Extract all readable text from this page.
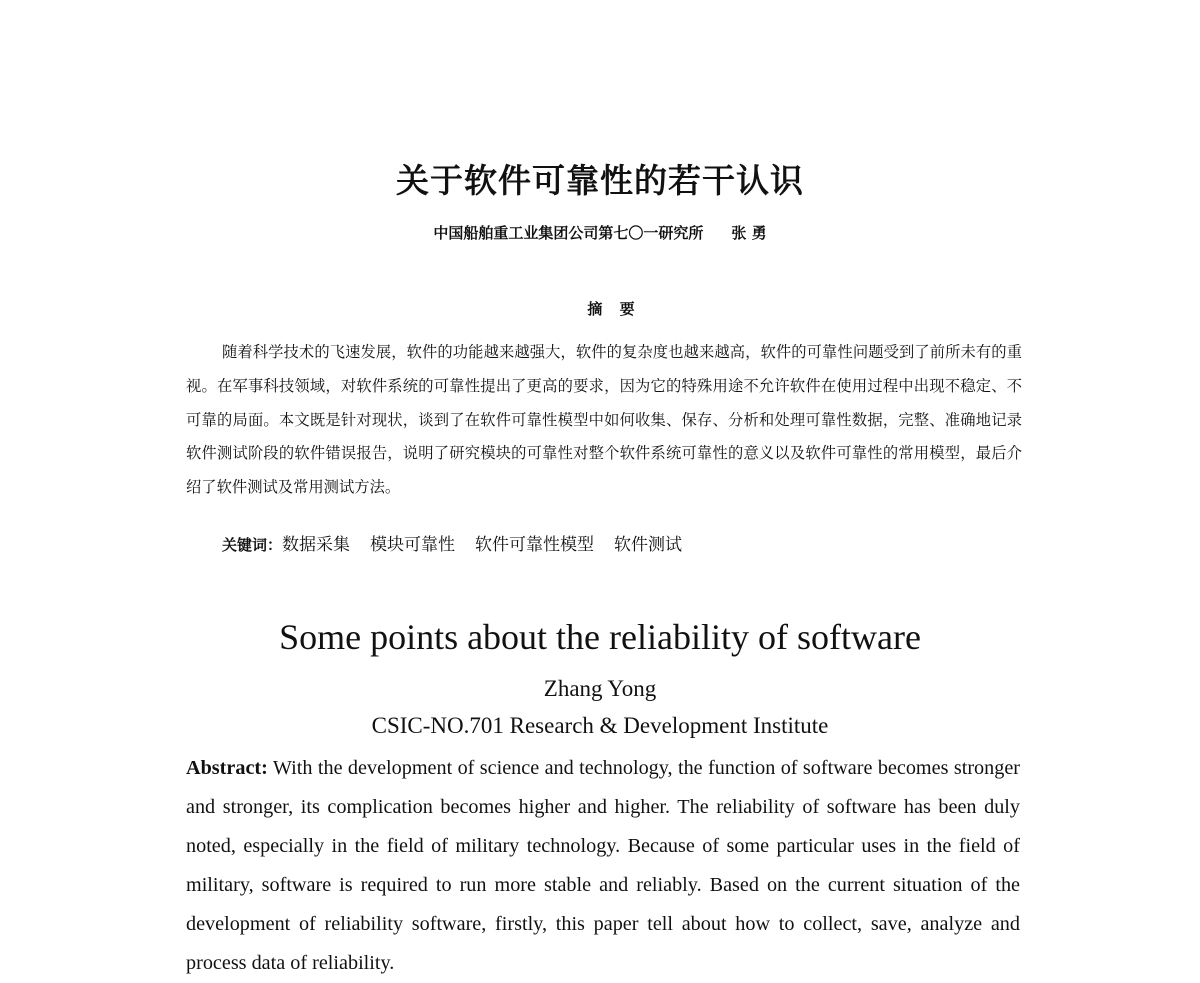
关于软件可靠性的若干认识
中国船舶重工业集团公司第七〇一研究所 张 勇
摘 要

随着科学技术的飞速发展，软件的功能越来越强大，软件的复杂度也越来越高，软件的可靠性问题受到了前所未有的重视。在军事科技领域，对软件系统的可靠性提出了更高的要求，因为它的特殊用途不允许软件在使用过程中出现不稳定、不可靠的局面。本文既是针对现状，谈到了在软件可靠性模型中如何收集、保存、分析和处理可靠性数据，完整、准确地记录软件测试阶段的软件错误报告，说明了研究模块的可靠性对整个软件系统可靠性的意义以及软件可靠性的常用模型，最后介绍了软件测试及常用测试方法。

关键词：数据采集 模块可靠性 软件可靠性模型 软件测试
Some points about the reliability of software
Zhang Yong
CSIC-NO.701 Research & Development Institute

Abstract: With the development of science and technology, the function of software becomes stronger and stronger, its complication becomes higher and higher. The reliability of software has been duly noted, especially in the field of military technology. Because of some particular uses in the field of military, software is required to run more stable and reliably. Based on the current situation of the development of reliability software, firstly, this paper tell about how to collect, save, analyze and process data of reliability.
